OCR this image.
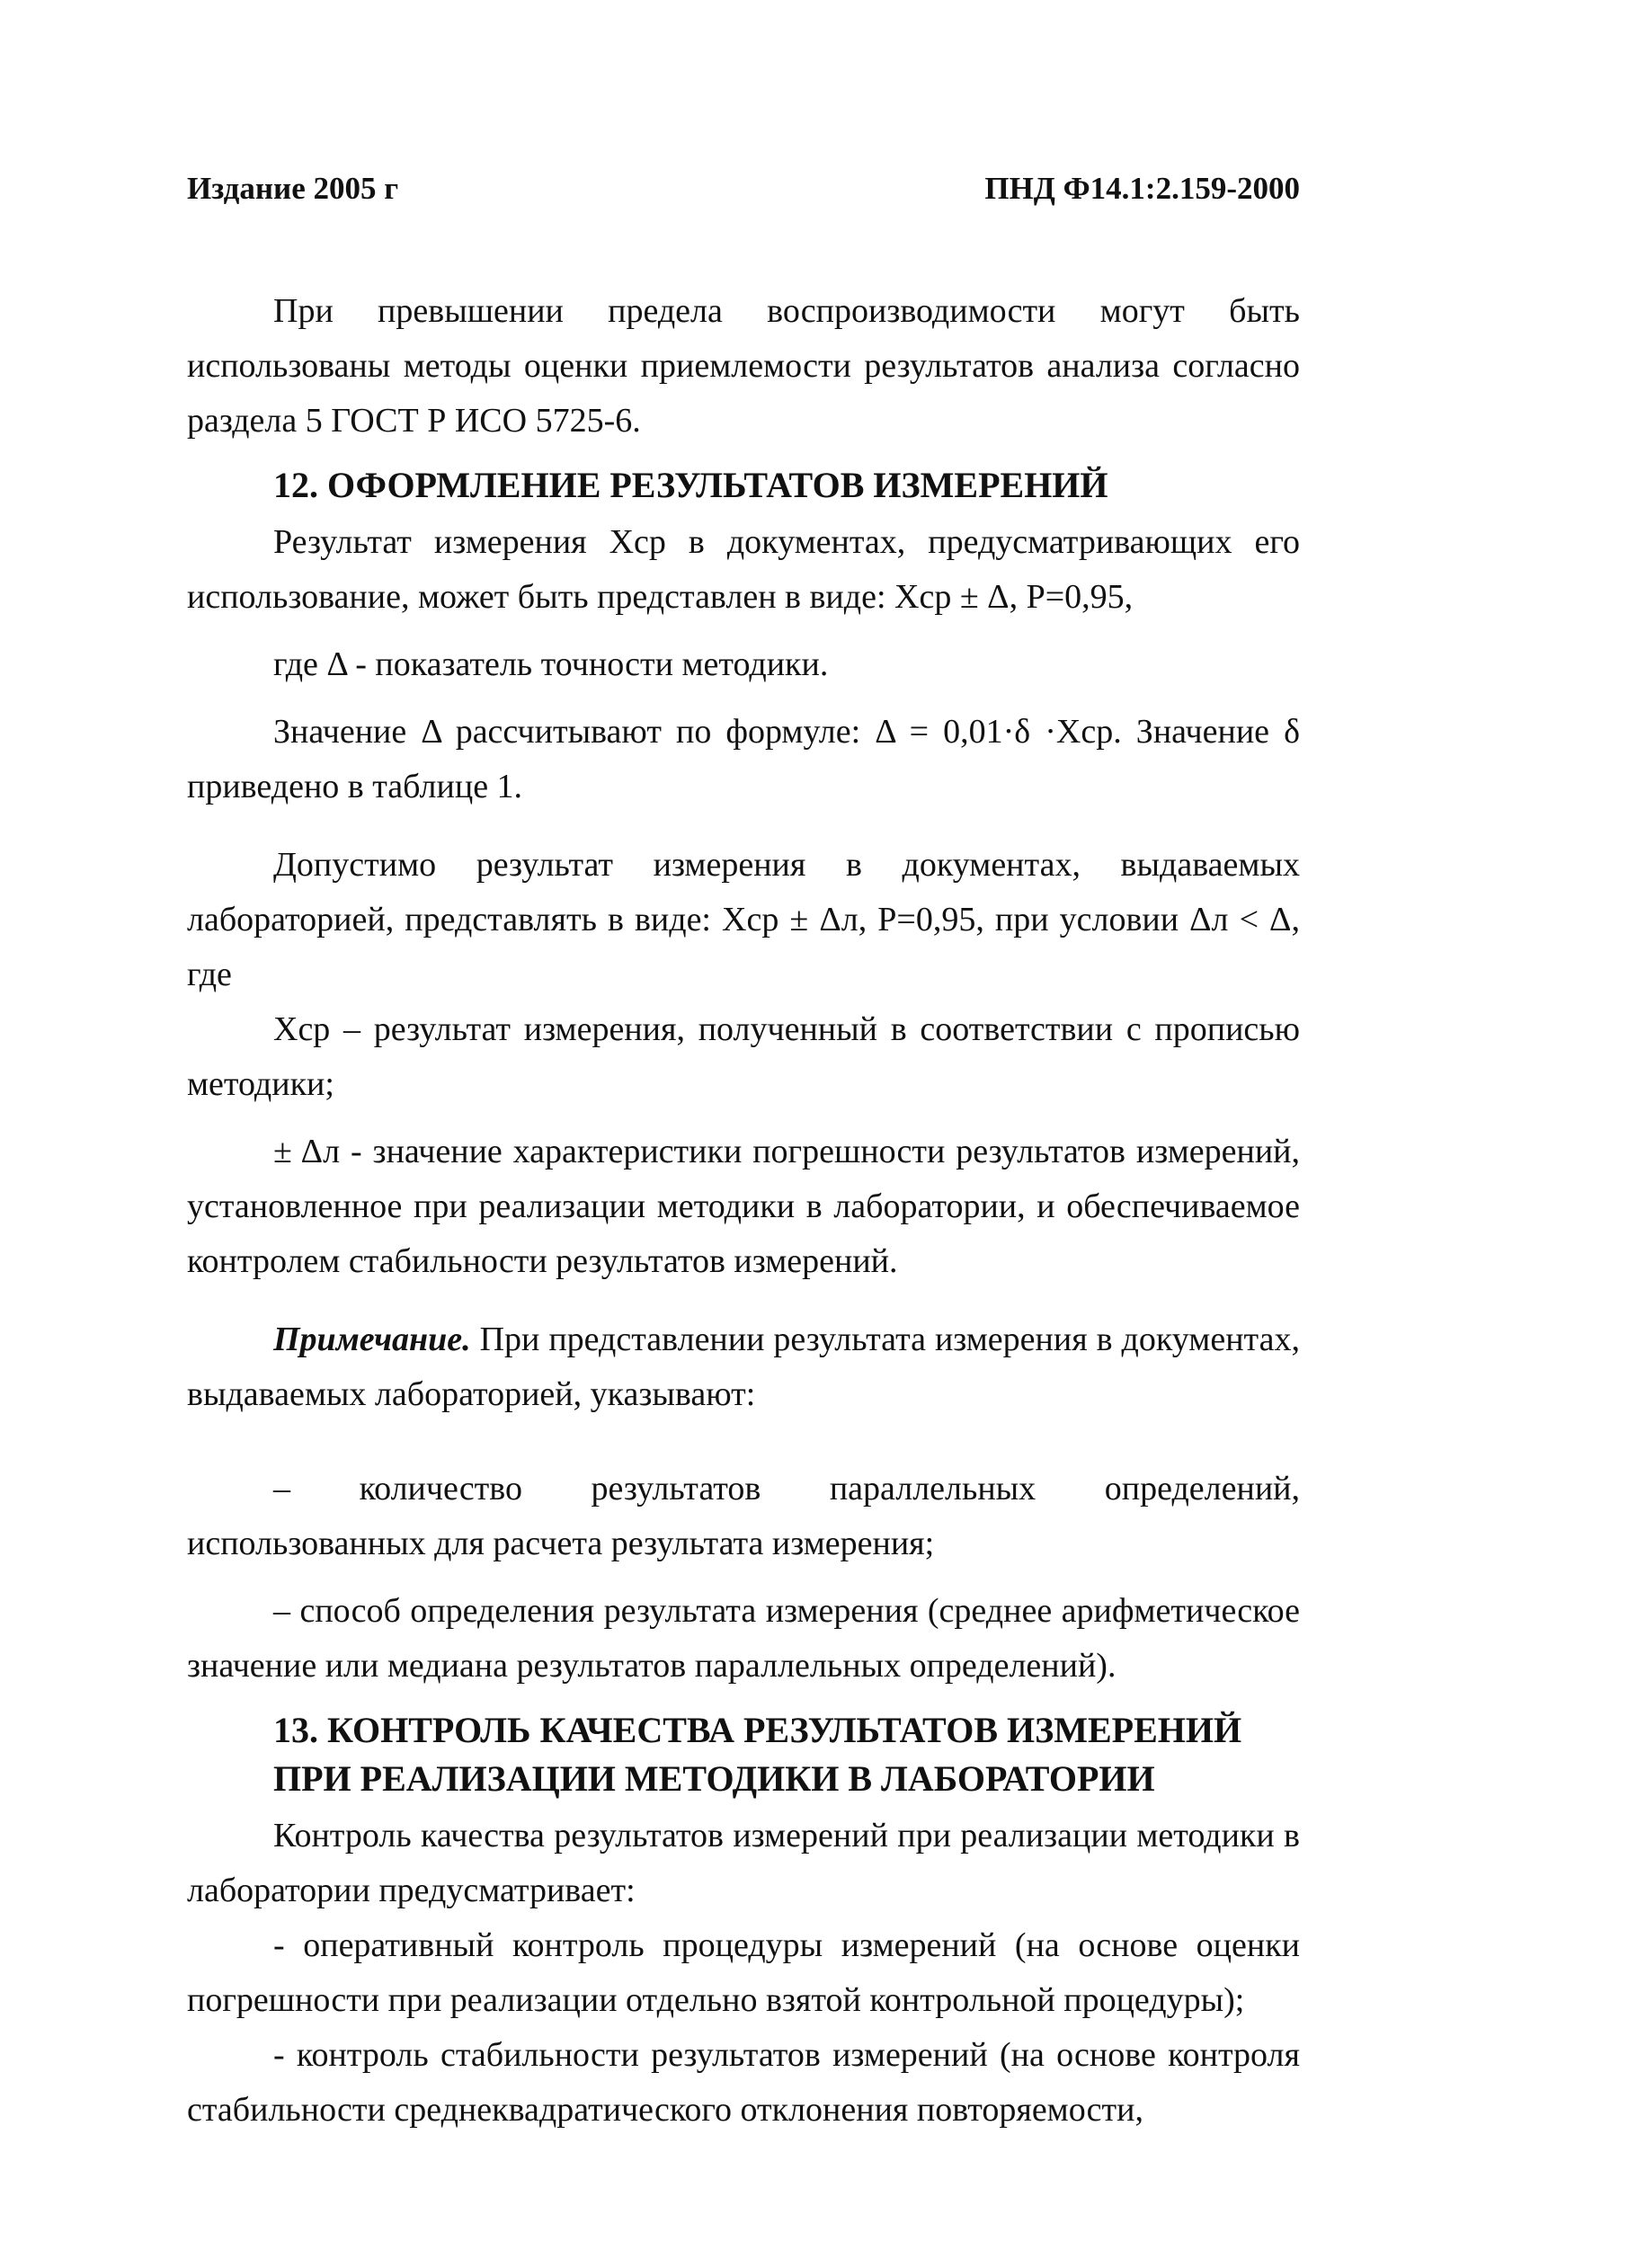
Издание 2005 г	ПНД Ф14.1:2.159-2000

При превышении предела воспроизводимости могут быть использованы методы оценки приемлемости результатов анализа согласно раздела 5 ГОСТ Р ИСО 5725-6.

12. ОФОРМЛЕНИЕ РЕЗУЛЬТАТОВ ИЗМЕРЕНИЙ

Результат измерения Xср в документах, предусматривающих его использование, может быть представлен в виде: Xср ± Δ, Р=0,95,

где Δ - показатель точности методики.

Значение Δ рассчитывают по формуле: Δ = 0,01·δ ·Xср. Значение δ приведено в таблице 1.

Допустимо результат измерения в документах, выдаваемых лабораторией, представлять в виде: Xср ± Δл, Р=0,95, при условии Δл < Δ, где

Xср – результат измерения, полученный в соответствии с прописью методики;

± Δл - значение характеристики погрешности результатов измерений, установленное при реализации методики в лаборатории, и обеспечиваемое контролем стабильности результатов измерений.

Примечание. При представлении результата измерения в документах, выдаваемых лабораторией, указывают:

– количество результатов параллельных определений, использованных для расчета результата измерения;

– способ определения результата измерения (среднее арифметическое значение или медиана результатов параллельных определений).

13. КОНТРОЛЬ КАЧЕСТВА РЕЗУЛЬТАТОВ ИЗМЕРЕНИЙ
ПРИ РЕАЛИЗАЦИИ МЕТОДИКИ В ЛАБОРАТОРИИ

Контроль качества результатов измерений при реализации методики в лаборатории предусматривает:

- оперативный контроль процедуры измерений (на основе оценки погрешности при реализации отдельно взятой контрольной процедуры);

- контроль стабильности результатов измерений (на основе контроля стабильности среднеквадратического отклонения повторяемости,
